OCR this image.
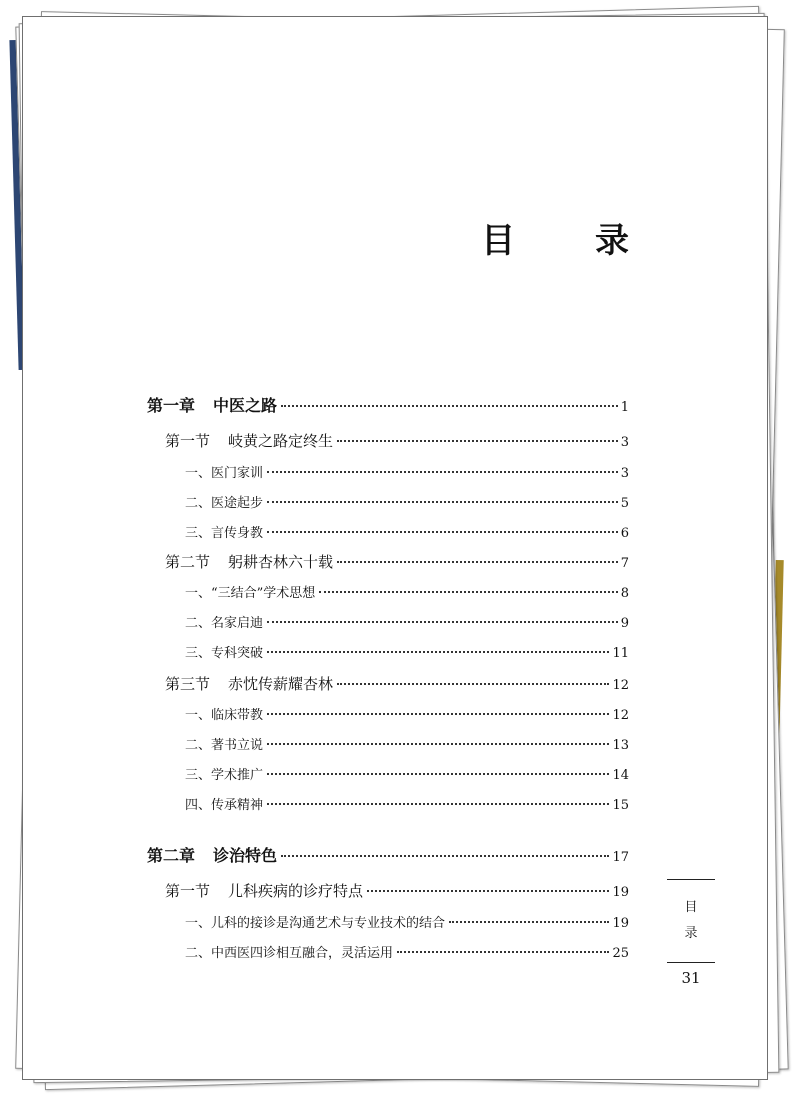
目 录
第一章 中医之路	1
第一节 岐黄之路定终生	3
一、医门家训	3
二、医途起步	5
三、言传身教	6
第二节 躬耕杏林六十载	7
一、“三结合”学术思想	8
二、名家启迪	9
三、专科突破	11
第三节 赤忱传薪耀杏林	12
一、临床带教	12
二、著书立说	13
三、学术推广	14
四、传承精神	15
第二章 诊治特色	17
第一节 儿科疾病的诊疗特点	19
一、儿科的接诊是沟通艺术与专业技术的结合	19
二、中西医四诊相互融合，灵活运用	25
目
录
31
